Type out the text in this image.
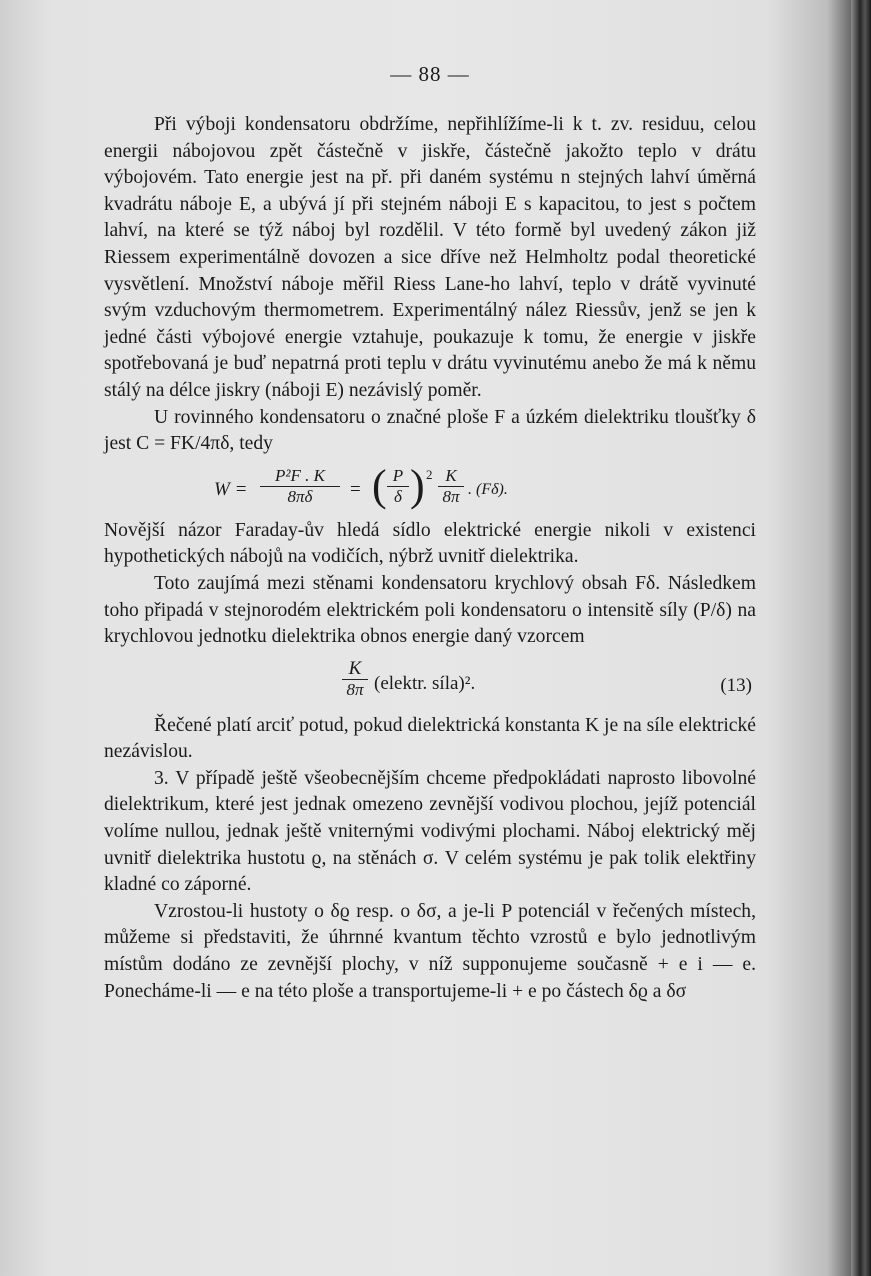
— 88 —

Při výboji kondensatoru obdržíme, nepřihlížíme-li k t. zv. residuu, celou energii nábojovou zpět částečně v jiskře, částečně jakožto teplo v drátu výbojovém. Tato energie jest na př. při daném systému n stejných lahví úměrná kvadrátu náboje E, a ubývá jí při stejném náboji E s kapacitou, to jest s počtem lahví, na které se týž náboj byl rozdělil. V této formě byl uvedený zákon již Riessem experimentálně dovozen a sice dříve než Helmholtz podal theoretické vysvětlení. Množství náboje měřil Riess Lane-ho lahví, teplo v drátě vyvinuté svým vzduchovým thermometrem. Experimentálný nález Riessův, jenž se jen k jedné části výbojové energie vztahuje, poukazuje k tomu, že energie v jiskře spotřebovaná je buď nepatrná proti teplu v drátu vyvinutému anebo že má k němu stálý na délce jiskry (náboji E) nezávislý poměr.

U rovinného kondensatoru o značné ploše F a úzkém dielektriku tloušťky δ jest C = FK/4πδ, tedy

W =
P²F . K
8πδ	= ( P
δ ) 2 K
8π . (Fδ).

Novější názor Faraday-ův hledá sídlo elektrické energie nikoli v existenci hypothetických nábojů na vodičích, nýbrž uvnitř dielektrika.

Toto zaujímá mezi stěnami kondensatoru krychlový obsah Fδ. Následkem toho připadá v stejnorodém elektrickém poli kondensatoru o intensitě síly (P/δ) na krychlovou jednotku dielektrika obnos energie daný vzorcem

K
8π (elektr. síla)².	(13)

Řečené platí arciť potud, pokud dielektrická konstanta K je na síle elektrické nezávislou.

3. V případě ještě všeobecnějším chceme předpokládati naprosto libovolné dielektrikum, které jest jednak omezeno zevnější vodivou plochou, jejíž potenciál volíme nullou, jednak ještě vniternými vodivými plochami. Náboj elektrický měj uvnitř dielektrika hustotu ϱ, na stěnách σ. V celém systému je pak tolik elektřiny kladné co záporné.

Vzrostou-li hustoty o δϱ resp. o δσ, a je-li P potenciál v řečených místech, můžeme si představiti, že úhrnné kvantum těchto vzrostů e bylo jednotlivým místům dodáno ze zevnější plochy, v níž supponujeme současně + e i — e. Ponecháme-li — e na této ploše a transportujeme-li + e po částech δϱ a δσ
